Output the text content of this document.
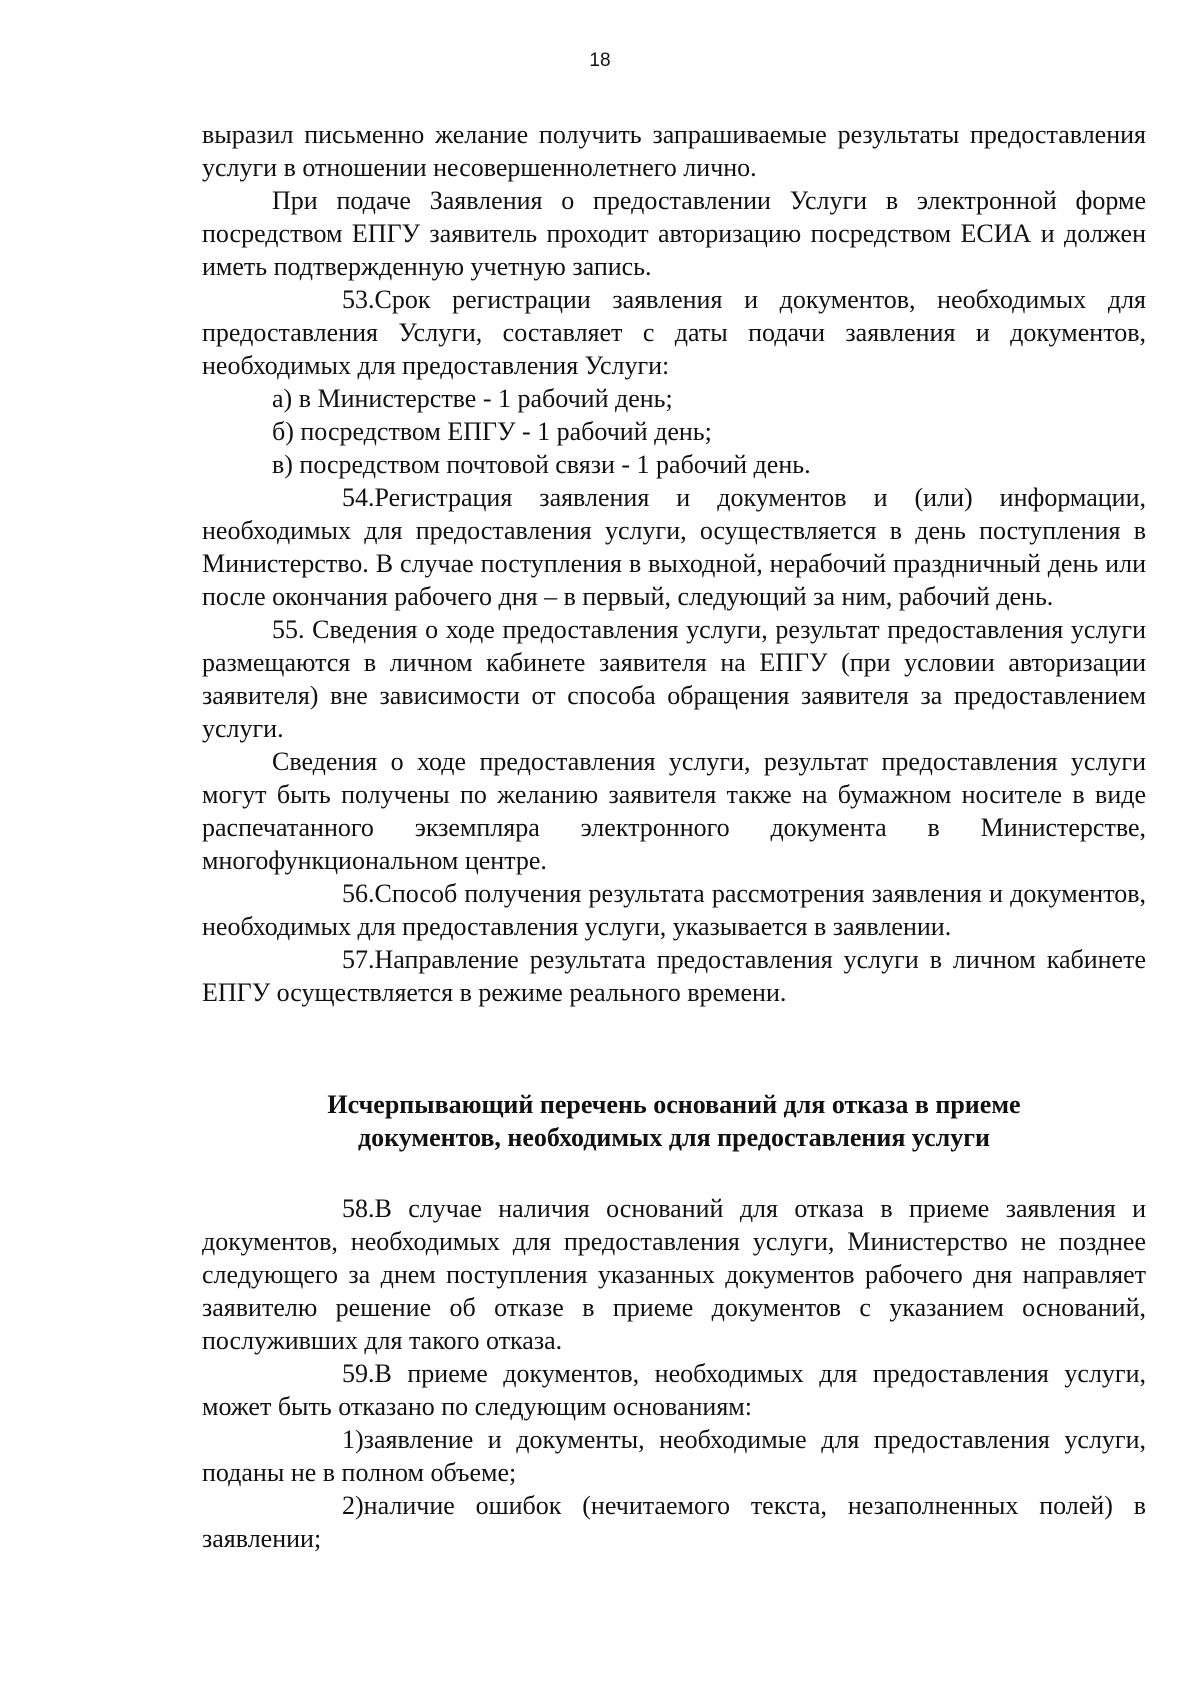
18

выразил письменно желание получить запрашиваемые результаты предоставления услуги в отношении несовершеннолетнего лично.

При подаче Заявления о предоставлении Услуги в электронной форме посредством ЕПГУ заявитель проходит авторизацию посредством ЕСИА и должен иметь подтвержденную учетную запись.

53.Срок регистрации заявления и документов, необходимых для предоставления Услуги, составляет с даты подачи заявления и документов, необходимых для предоставления Услуги:

а) в Министерстве - 1 рабочий день;

б) посредством ЕПГУ - 1 рабочий день;

в) посредством почтовой связи - 1 рабочий день.

54.Регистрация заявления и документов и (или) информации, необходимых для предоставления услуги, осуществляется в день поступления в Министерство. В случае поступления в выходной, нерабочий праздничный день или после окончания рабочего дня – в первый, следующий за ним, рабочий день.

55. Сведения о ходе предоставления услуги, результат предоставления услуги размещаются в личном кабинете заявителя на ЕПГУ (при условии авторизации заявителя) вне зависимости от способа обращения заявителя за предоставлением услуги.

Сведения о ходе предоставления услуги, результат предоставления услуги могут быть получены по желанию заявителя также на бумажном носителе в виде распечатанного экземпляра электронного документа в Министерстве, многофункциональном центре.

56.Способ получения результата рассмотрения заявления и документов, необходимых для предоставления услуги, указывается в заявлении.

57.Направление результата предоставления услуги в личном кабинете ЕПГУ осуществляется в режиме реального времени.

Исчерпывающий перечень оснований для отказа в приеме
документов, необходимых для предоставления услуги

58.В случае наличия оснований для отказа в приеме заявления и документов, необходимых для предоставления услуги, Министерство не позднее следующего за днем поступления указанных документов рабочего дня направляет заявителю решение об отказе в приеме документов с указанием оснований, послуживших для такого отказа.

59.В приеме документов, необходимых для предоставления услуги, может быть отказано по следующим основаниям:

1)заявление и документы, необходимые для предоставления услуги, поданы не в полном объеме;

2)наличие ошибок (нечитаемого текста, незаполненных полей) в заявлении;
